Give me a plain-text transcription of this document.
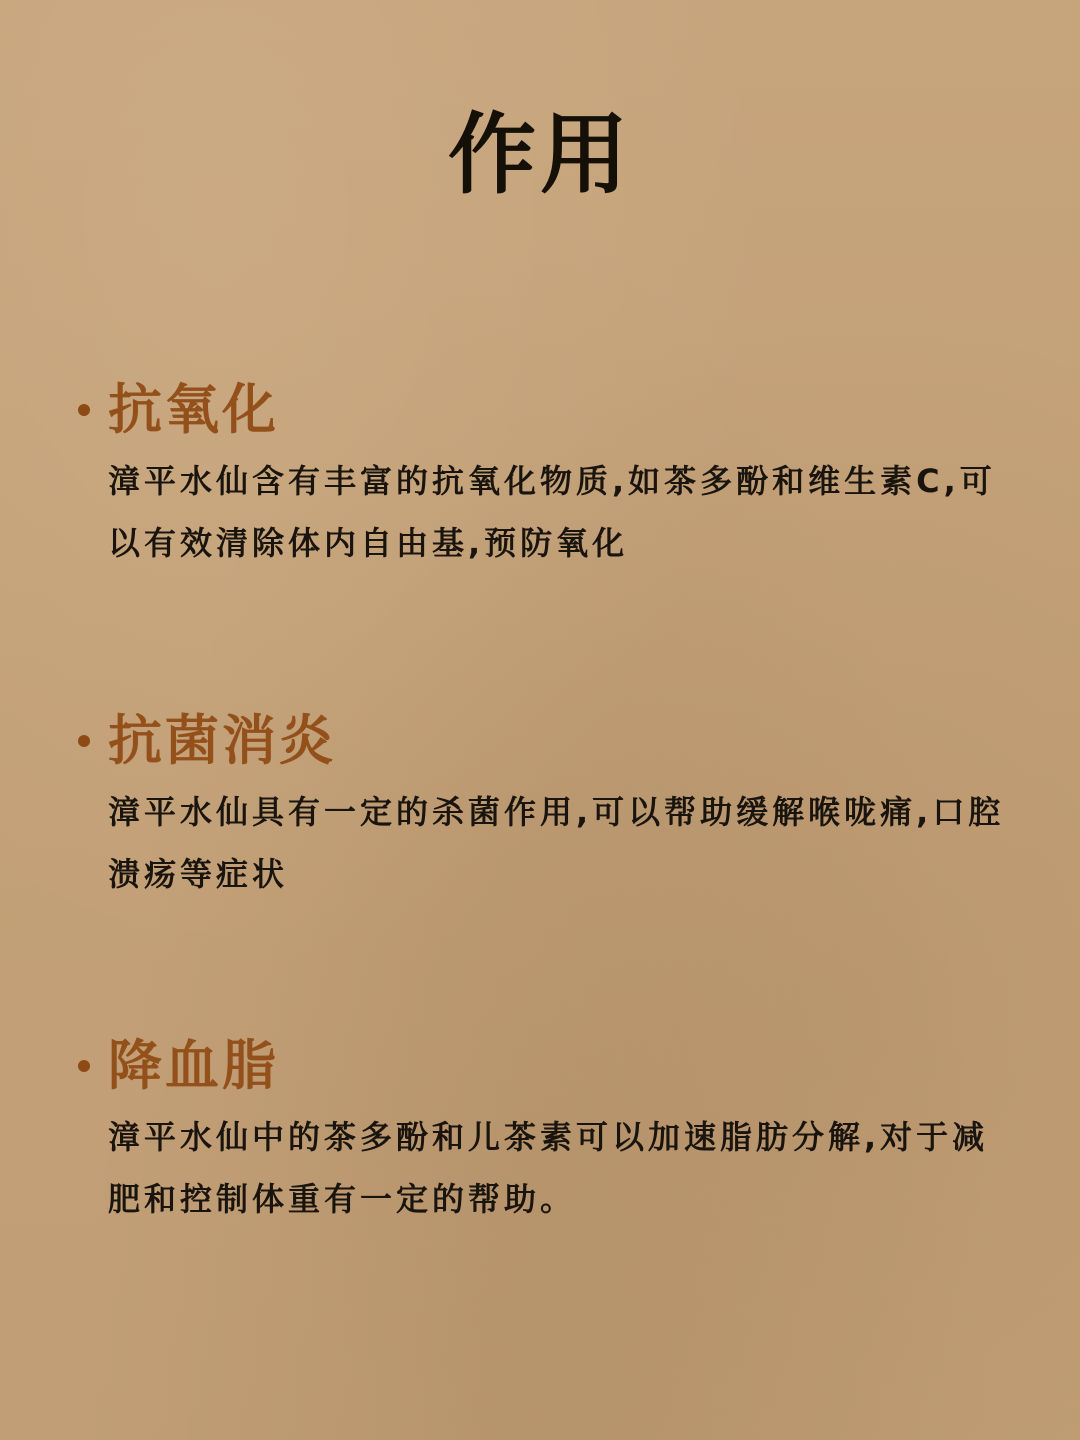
作用
抗氧化
漳平水仙含有丰富的抗氧化物质,如茶多酚和维生素C,可以有效清除体内自由基,预防氧化
抗菌消炎
漳平水仙具有一定的杀菌作用,可以帮助缓解喉咙痛,口腔溃疡等症状
降血脂
漳平水仙中的茶多酚和儿茶素可以加速脂肪分解,对于减肥和控制体重有一定的帮助。
